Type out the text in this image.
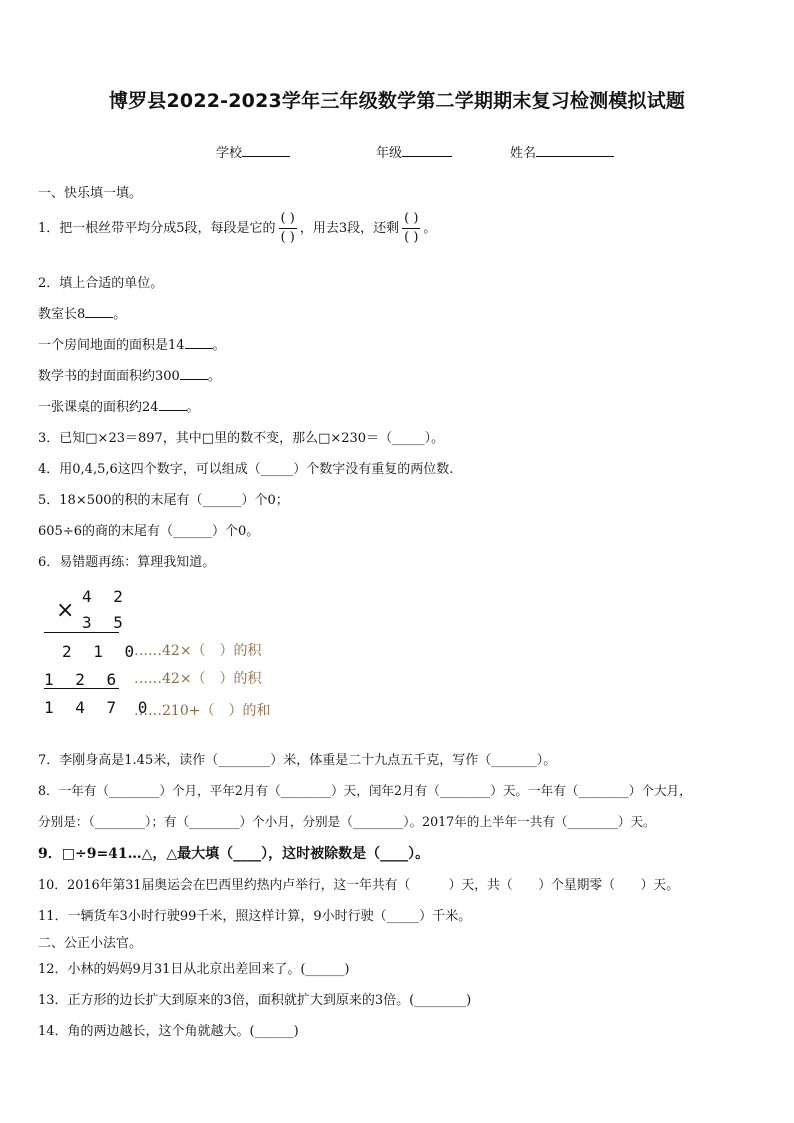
博罗县2022-2023学年三年级数学第二学期期末复习检测模拟试题
学校	年级	姓名
一、快乐填一填。
1．把一根丝带平均分成5段，每段是它的 $\frac{( )}{( )}$ ，用去3段，还剩 $\frac{( )}{( )}$ 。
2．填上合适的单位。
教室长8 。
一个房间地面的面积是14 。
数学书的封面面积约300 。
一张课桌的面积约24 。
3．已知□×23＝897，其中□里的数不变，那么□×230＝（_____）。
4．用0,4,5,6这四个数字，可以组成（_____）个数字没有重复的两位数.
5．18×500的积的末尾有（______）个0；
605÷6的商的末尾有（______）个0。
6．易错题再练：算理我知道。
×
4 2
3 5
2 1 0
1 2 6
1 4 7 0
……42×（　）的积
……42×（　）的积
……210+（　）的和
7．李刚身高是1.45米，读作（________）米，体重是二十九点五千克，写作（_______）。
8．一年有（________）个月，平年2月有（________）天，闰年2月有（________）天。一年有（________）个大月，
分别是：（________）；有（________）个小月，分别是（________）。2017年的上半年一共有（________）天。
9．□÷9=41…△，△最大填（____），这时被除数是（____）。
10．2016年第31届奥运会在巴西里约热内卢举行，这一年共有（　　　）天，共（　　）个星期零（　　）天。
11．一辆货车3小时行驶99千米，照这样计算，9小时行驶（_____）千米。
二、公正小法官。
12．小林的妈妈9月31日从北京出差回来了。(______)
13．正方形的边长扩大到原来的3倍，面积就扩大到原来的3倍。(________)
14．角的两边越长，这个角就越大。(______)
